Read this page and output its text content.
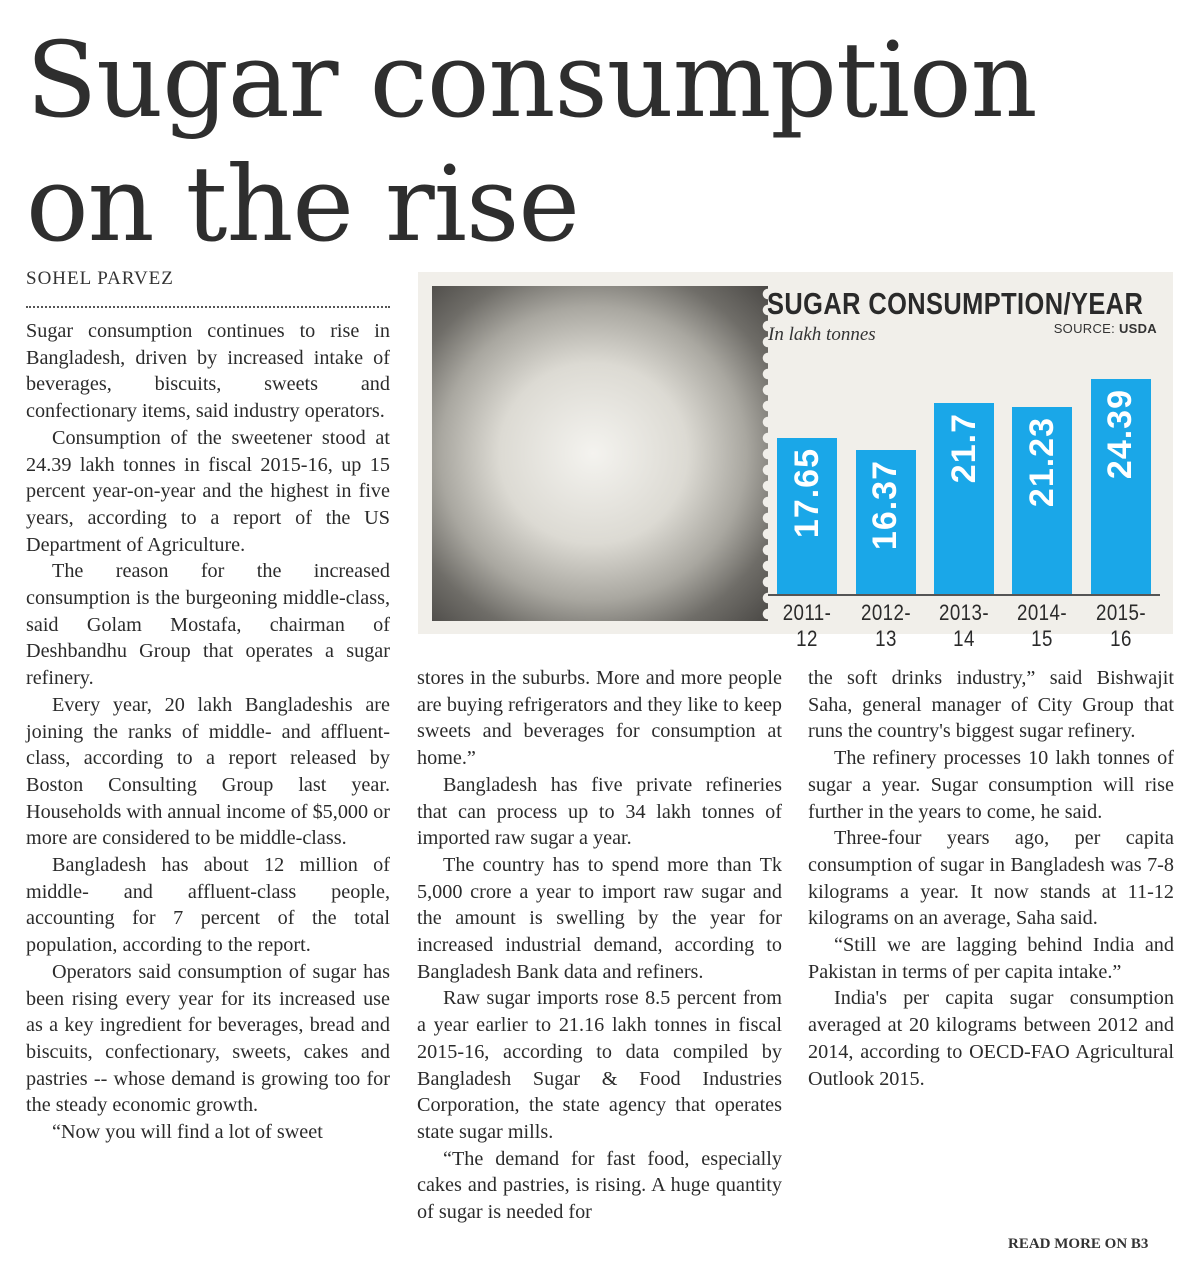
Sugar consumption
on the rise
SOHEL PARVEZ

Sugar consumption continues to rise in Bangladesh, driven by increased intake of beverages, biscuits, sweets and confectionary items, said industry operators.

Consumption of the sweetener stood at 24.39 lakh tonnes in fiscal 2015-16, up 15 percent year-on-year and the highest in five years, according to a report of the US Department of Agriculture.

The reason for the increased consumption is the burgeoning middle-class, said Golam Mostafa, chairman of Deshbandhu Group that operates a sugar refinery.

Every year, 20 lakh Bangladeshis are joining the ranks of middle- and affluent-class, according to a report released by Boston Consulting Group last year. Households with annual income of $5,000 or more are considered to be middle-class.

Bangladesh has about 12 million of middle- and affluent-class people, accounting for 7 percent of the total population, according to the report.

Operators said consumption of sugar has been rising every year for its increased use as a key ingredient for beverages, bread and biscuits, confectionary, sweets, cakes and pastries -- whose demand is growing too for the steady economic growth.

“Now you will find a lot of sweet

SUGAR CONSUMPTION/YEAR
In lakh tonnes	SOURCE: USDA
17.65 16.37
21.7 21.23 24.39
2011-12
2012-13
2013-14
2014-15
2015-16

stores in the suburbs. More and more people are buying refrigerators and they like to keep sweets and beverages for consumption at home.”

Bangladesh has five private refineries that can process up to 34 lakh tonnes of imported raw sugar a year.

The country has to spend more than Tk 5,000 crore a year to import raw sugar and the amount is swelling by the year for increased industrial demand, according to Bangladesh Bank data and refiners.

Raw sugar imports rose 8.5 percent from a year earlier to 21.16 lakh tonnes in fiscal 2015-16, according to data compiled by Bangladesh Sugar & Food Industries Corporation, the state agency that operates state sugar mills.

“The demand for fast food, especially cakes and pastries, is rising. A huge quantity of sugar is needed for

the soft drinks industry,” said Bishwajit Saha, general manager of City Group that runs the country's biggest sugar refinery.

The refinery processes 10 lakh tonnes of sugar a year. Sugar consumption will rise further in the years to come, he said.

Three-four years ago, per capita consumption of sugar in Bangladesh was 7-8 kilograms a year. It now stands at 11-12 kilograms on an average, Saha said.

“Still we are lagging behind India and Pakistan in terms of per capita intake.”

India's per capita sugar consumption averaged at 20 kilograms between 2012 and 2014, according to OECD-FAO Agricultural Outlook 2015.

READ MORE ON B3
